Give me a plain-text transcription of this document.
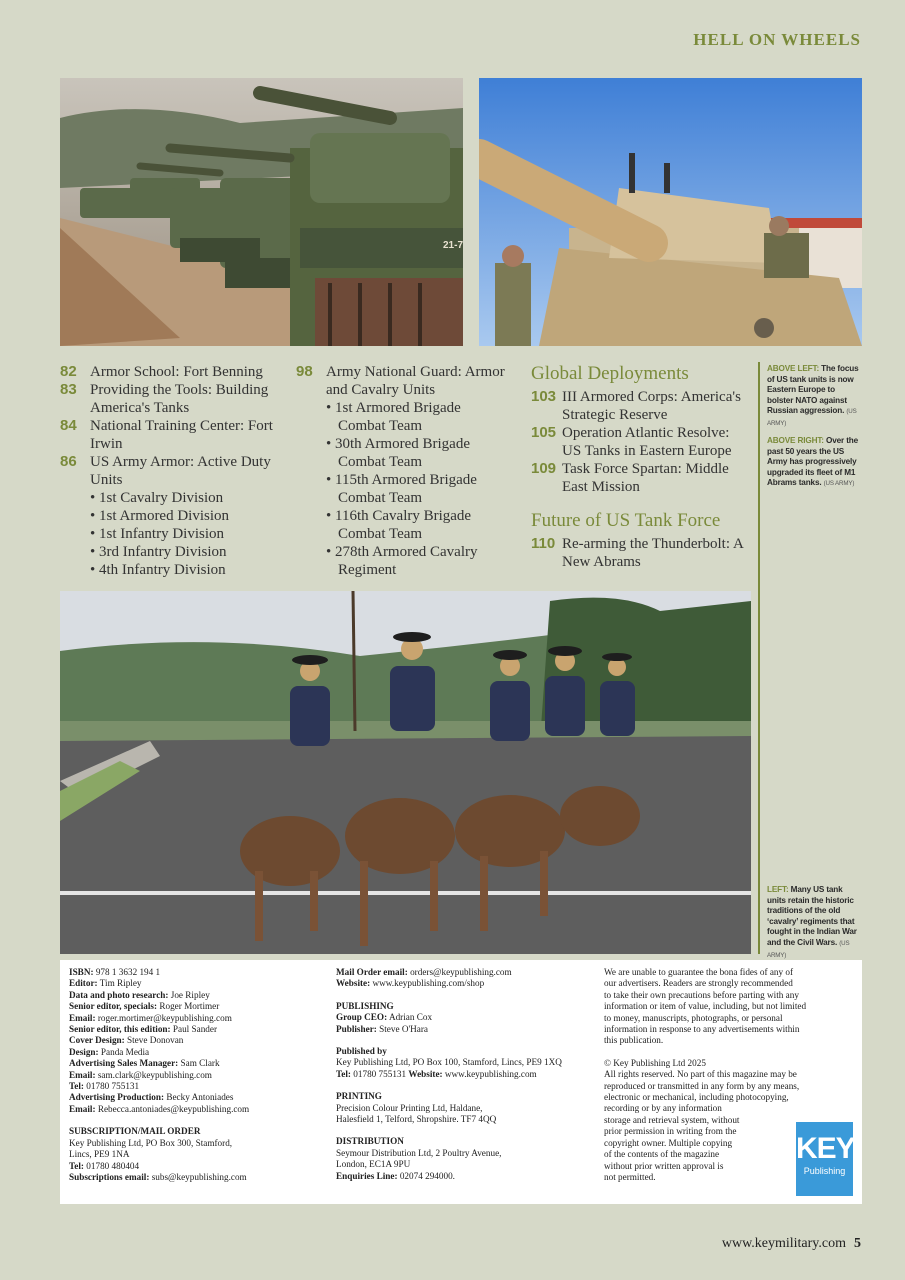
HELL ON WHEELS
21-7
82 Armor School: Fort Benning
83 Providing the Tools: Building America's Tanks
84 National Training Center: Fort Irwin
86 US Army Armor: Active Duty Units
• 1st Cavalry Division
• 1st Armored Division
• 1st Infantry Division
• 3rd Infantry Division
• 4th Infantry Division
98 Army National Guard: Armor and Cavalry Units
• 1st Armored Brigade Combat Team
• 30th Armored Brigade Combat Team
• 115th Armored Brigade Combat Team
• 116th Cavalry Brigade Combat Team
• 278th Armored Cavalry Regiment
Global Deployments
103 III Armored Corps: America's Strategic Reserve
105 Operation Atlantic Resolve: US Tanks in Eastern Europe
109 Task Force Spartan: Middle East Mission
Future of US Tank Force
110 Re-arming the Thunderbolt: A New Abrams
ABOVE LEFT: The focus of US tank units is now Eastern Europe to bolster NATO against Russian aggression. (US ARMY)
ABOVE RIGHT: Over the past 50 years the US Army has progressively upgraded its fleet of M1 Abrams tanks. (US ARMY)
LEFT: Many US tank units retain the historic traditions of the old ‘cavalry’ regiments that fought in the Indian War and the Civil Wars. (US ARMY)
ISBN: 978 1 3632 194 1
Editor: Tim Ripley
Data and photo research: Joe Ripley
Senior editor, specials: Roger Mortimer
Email: roger.mortimer@keypublishing.com
Senior editor, this edition: Paul Sander
Cover Design: Steve Donovan
Design: Panda Media
Advertising Sales Manager: Sam Clark
Email: sam.clark@keypublishing.com
Tel: 01780 755131
Advertising Production: Becky Antoniades
Email: Rebecca.antoniades@keypublishing.com
SUBSCRIPTION/MAIL ORDER
Key Publishing Ltd, PO Box 300, Stamford,
Lincs, PE9 1NA
Tel: 01780 480404
Subscriptions email: subs@keypublishing.com
Mail Order email: orders@keypublishing.com
Website: www.keypublishing.com/shop
PUBLISHING
Group CEO: Adrian Cox
Publisher: Steve O'Hara
Published by
Key Publishing Ltd, PO Box 100, Stamford, Lincs, PE9 1XQ
Tel: 01780 755131 Website: www.keypublishing.com
PRINTING
Precision Colour Printing Ltd, Haldane,
Halesfield 1, Telford, Shropshire. TF7 4QQ
DISTRIBUTION
Seymour Distribution Ltd, 2 Poultry Avenue,
London, EC1A 9PU
Enquiries Line: 02074 294000.
We are unable to guarantee the bona fides of any of
our advertisers. Readers are strongly recommended
to take their own precautions before parting with any
information or item of value, including, but not limited
to money, manuscripts, photographs, or personal
information in response to any advertisements within
this publication.
© Key Publishing Ltd 2025
All rights reserved. No part of this magazine may be
reproduced or transmitted in any form by any means,
electronic or mechanical, including photocopying,
recording or by any information
storage and retrieval system, without
prior permission in writing from the
copyright owner. Multiple copying
of the contents of the magazine
without prior written approval is
not permitted.
KEY
Publishing
www.keymilitary.com 5
